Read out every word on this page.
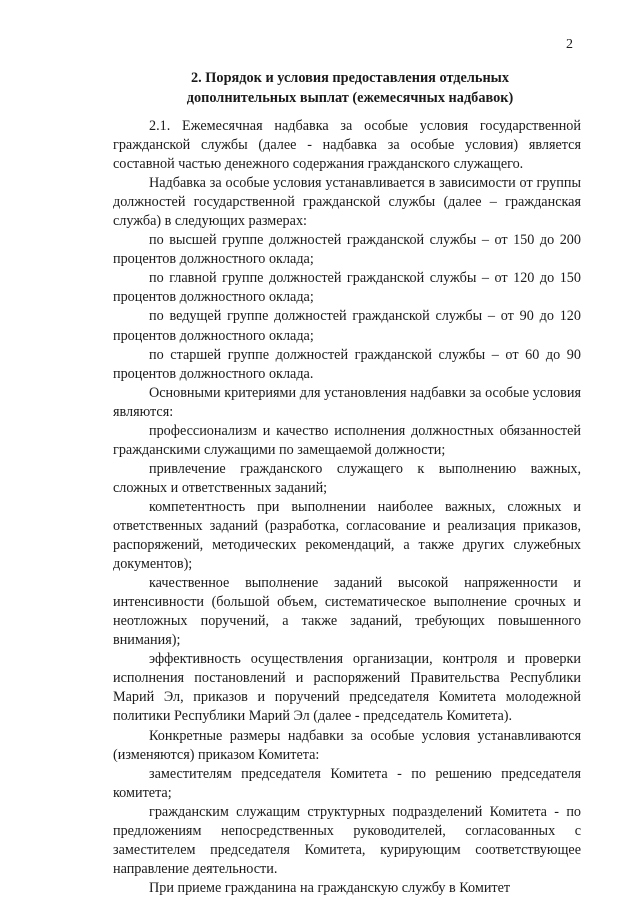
2
2. Порядок и условия предоставления отдельных
дополнительных выплат (ежемесячных надбавок)

2.1. Ежемесячная надбавка за особые условия государственной гражданской службы (далее - надбавка за особые условия) является составной частью денежного содержания гражданского служащего.

Надбавка за особые условия устанавливается в зависимости от группы должностей государственной гражданской службы (далее – гражданская служба) в следующих размерах:

по высшей группе должностей гражданской службы – от 150 до 200 процентов должностного оклада;

по главной группе должностей гражданской службы – от 120 до 150 процентов должностного оклада;

по ведущей группе должностей гражданской службы – от 90 до 120 процентов должностного оклада;

по старшей группе должностей гражданской службы – от 60 до 90 процентов должностного оклада.

Основными критериями для установления надбавки за особые условия являются:

профессионализм и качество исполнения должностных обязанностей гражданскими служащими по замещаемой должности;

привлечение гражданского служащего к выполнению важных, сложных и ответственных заданий;

компетентность при выполнении наиболее важных, сложных и ответственных заданий (разработка, согласование и реализация приказов, распоряжений, методических рекомендаций, а также других служебных документов);

качественное выполнение заданий высокой напряженности и интенсивности (большой объем, систематическое выполнение срочных и неотложных поручений, а также заданий, требующих повышенного внимания);

эффективность осуществления организации, контроля и проверки исполнения постановлений и распоряжений Правительства Республики Марий Эл, приказов и поручений председателя Комитета молодежной политики Республики Марий Эл (далее - председатель Комитета).

Конкретные размеры надбавки за особые условия устанавливаются (изменяются) приказом Комитета:

заместителям председателя Комитета - по решению председателя комитета;

гражданским служащим структурных подразделений Комитета - по предложениям непосредственных руководителей, согласованных с заместителем председателя Комитета, курирующим соответствующее направление деятельности.

При приеме гражданина на гражданскую службу в Комитет
